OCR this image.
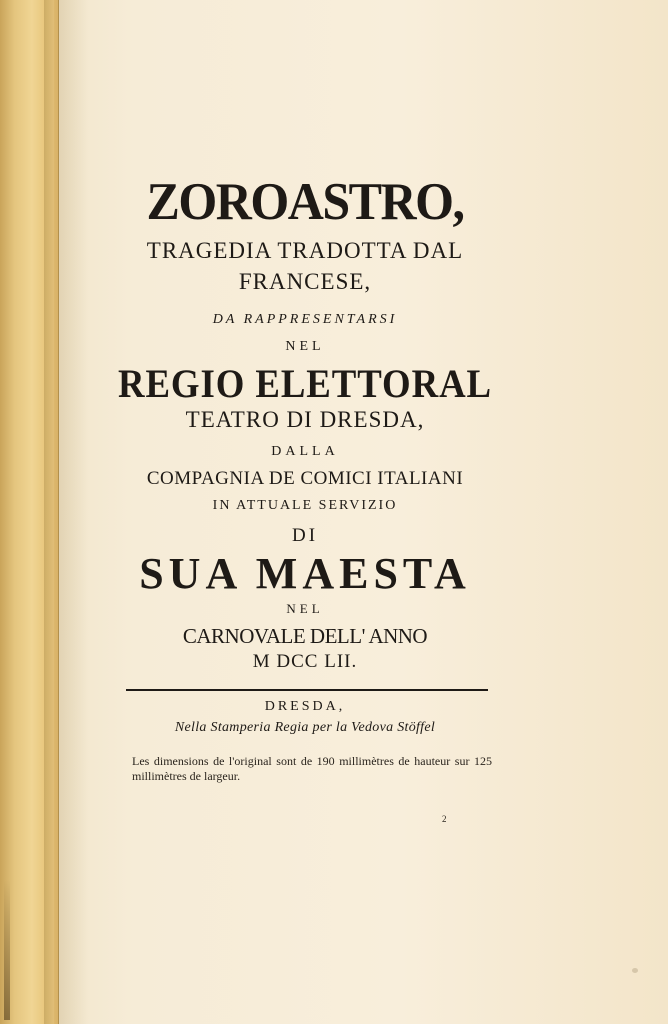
ZOROASTRO,
TRAGEDIA TRADOTTA DAL
FRANCESE,
DA RAPPRESENTARSI
NEL
REGIO ELETTORAL
TEATRO DI DRESDA,
DALLA
COMPAGNIA DE COMICI ITALIANI
IN ATTUALE SERVIZIO
DI
SUA MAESTA
NEL
CARNOVALE DELL' ANNO
M DCC LII.
DRESDA,
Nella Stamperia Regia per la Vedova Stöffel
Les dimensions de l'original sont de 190 millimètres de hauteur sur 125 millimètres de largeur.
2
